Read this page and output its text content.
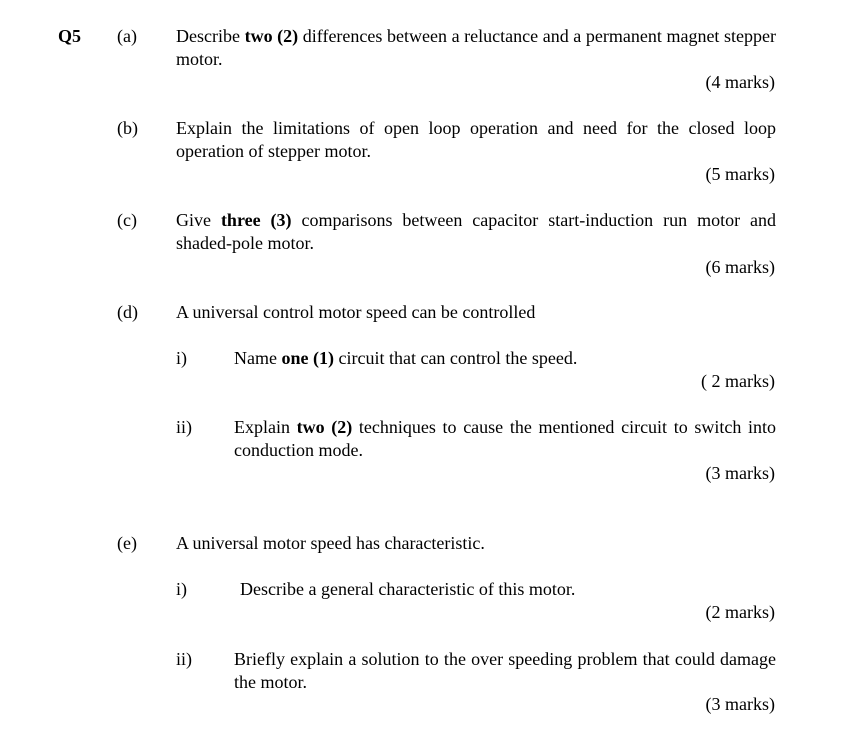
Q5 (a) Describe two (2) differences between a reluctance and a permanent magnet stepper motor.
(4 marks)
(b) Explain the limitations of open loop operation and need for the closed loop operation of stepper motor.
(5 marks)
(c) Give three (3) comparisons between capacitor start-induction run motor and shaded-pole motor.
(6 marks)
(d) A universal control motor speed can be controlled
i)	Name one (1) circuit that can control the speed.
( 2 marks)
ii) Explain two (2) techniques to cause the mentioned circuit to switch into conduction mode.
(3 marks)
(e) A universal motor speed has characteristic.
i)	Describe a general characteristic of this motor.
(2 marks)
ii) Briefly explain a solution to the over speeding problem that could damage the motor.
(3 marks)
